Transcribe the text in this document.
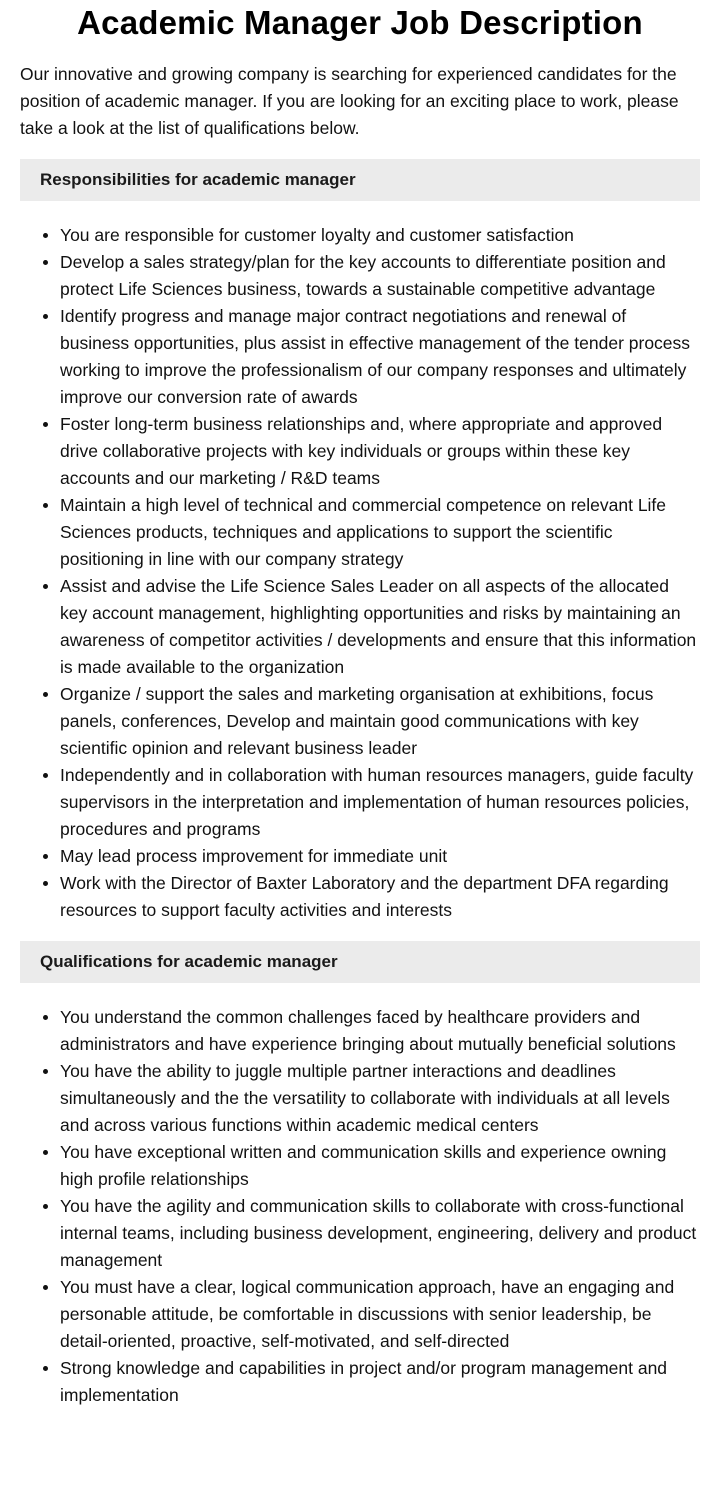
Academic Manager Job Description

Our innovative and growing company is searching for experienced candidates for the position of academic manager. If you are looking for an exciting place to work, please take a look at the list of qualifications below.

Responsibilities for academic manager
You are responsible for customer loyalty and customer satisfaction
Develop a sales strategy/plan for the key accounts to differentiate position and protect Life Sciences business, towards a sustainable competitive advantage
Identify progress and manage major contract negotiations and renewal of business opportunities, plus assist in effective management of the tender process working to improve the professionalism of our company responses and ultimately improve our conversion rate of awards
Foster long-term business relationships and, where appropriate and approved drive collaborative projects with key individuals or groups within these key accounts and our marketing / R&D teams
Maintain a high level of technical and commercial competence on relevant Life Sciences products, techniques and applications to support the scientific positioning in line with our company strategy
Assist and advise the Life Science Sales Leader on all aspects of the allocated key account management, highlighting opportunities and risks by maintaining an awareness of competitor activities / developments and ensure that this information is made available to the organization
Organize / support the sales and marketing organisation at exhibitions, focus panels, conferences, Develop and maintain good communications with key scientific opinion and relevant business leader
Independently and in collaboration with human resources managers, guide faculty supervisors in the interpretation and implementation of human resources policies, procedures and programs
May lead process improvement for immediate unit
Work with the Director of Baxter Laboratory and the department DFA regarding resources to support faculty activities and interests
Qualifications for academic manager
You understand the common challenges faced by healthcare providers and administrators and have experience bringing about mutually beneficial solutions
You have the ability to juggle multiple partner interactions and deadlines simultaneously and the the versatility to collaborate with individuals at all levels and across various functions within academic medical centers
You have exceptional written and communication skills and experience owning high profile relationships
You have the agility and communication skills to collaborate with cross-functional internal teams, including business development, engineering, delivery and product management
You must have a clear, logical communication approach, have an engaging and personable attitude, be comfortable in discussions with senior leadership, be detail-oriented, proactive, self-motivated, and self-directed
Strong knowledge and capabilities in project and/or program management and implementation
